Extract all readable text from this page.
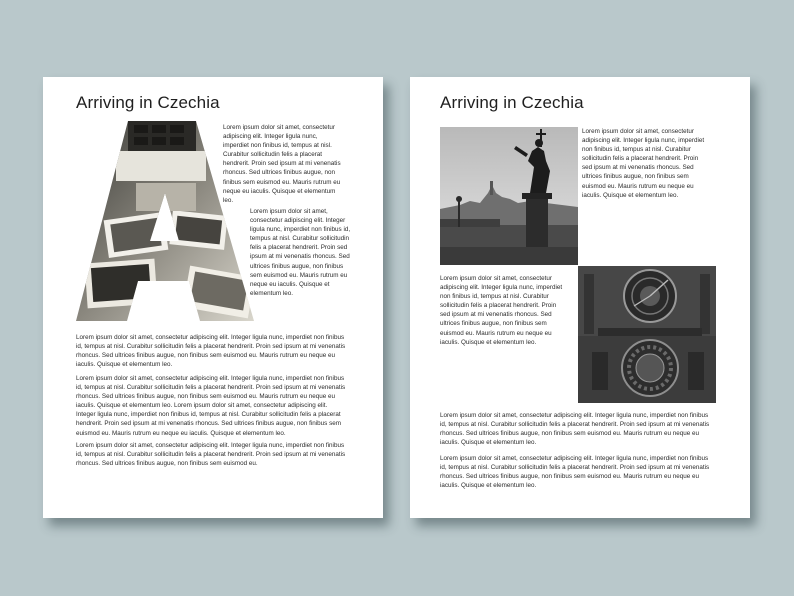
Arriving in Czechia

Lorem ipsum dolor sit amet, consectetur adipiscing elit. Integer ligula nunc, imperdiet non finibus id, tempus at nisl. Curabitur sollicitudin felis a placerat hendrerit. Proin sed ipsum at mi venenatis rhoncus. Sed ultrices finibus augue, non finibus sem euismod eu. Mauris rutrum eu neque eu iaculis. Quisque et elementum leo.

Lorem ipsum dolor sit amet, consectetur adipiscing elit. Integer ligula nunc, imperdiet non finibus id, tempus at nisl. Curabitur sollicitudin felis a placerat hendrerit. Proin sed ipsum at mi venenatis rhoncus. Sed ultrices finibus augue, non finibus sem euismod eu. Mauris rutrum eu neque eu iaculis. Quisque et elementum leo.

Lorem ipsum dolor sit amet, consectetur adipiscing elit. Integer ligula nunc, imperdiet non finibus id, tempus at nisl. Curabitur sollicitudin felis a placerat hendrerit. Proin sed ipsum at mi venenatis rhoncus. Sed ultrices finibus augue, non finibus sem euismod eu. Mauris rutrum eu neque eu iaculis. Quisque et elementum leo.

Lorem ipsum dolor sit amet, consectetur adipiscing elit. Integer ligula nunc, imperdiet non finibus id, tempus at nisl. Curabitur sollicitudin felis a placerat hendrerit. Proin sed ipsum at mi venenatis rhoncus. Sed ultrices finibus augue, non finibus sem euismod eu. Mauris rutrum eu neque eu iaculis. Quisque et elementum leo. Lorem ipsum dolor sit amet, consectetur adipiscing elit. Integer ligula nunc, imperdiet non finibus id, tempus at nisl. Curabitur sollicitudin felis a placerat hendrerit. Proin sed ipsum at mi venenatis rhoncus. Sed ultrices finibus augue, non finibus sem euismod eu. Mauris rutrum eu neque eu iaculis. Quisque et elementum leo.

Lorem ipsum dolor sit amet, consectetur adipiscing elit. Integer ligula nunc, imperdiet non finibus id, tempus at nisl. Curabitur sollicitudin felis a placerat hendrerit. Proin sed ipsum at mi venenatis rhoncus. Sed ultrices finibus augue, non finibus sem euismod eu.

Arriving in Czechia

Lorem ipsum dolor sit amet, consectetur adipiscing elit. Integer ligula nunc, imperdiet non finibus id, tempus at nisl. Curabitur sollicitudin felis a placerat hendrerit. Proin sed ipsum at mi venenatis rhoncus. Sed ultrices finibus augue, non finibus sem euismod eu. Mauris rutrum eu neque eu iaculis. Quisque et elementum leo.

Lorem ipsum dolor sit amet, consectetur adipiscing elit. Integer ligula nunc, imperdiet non finibus id, tempus at nisl. Curabitur sollicitudin felis a placerat hendrerit. Proin sed ipsum at mi venenatis rhoncus. Sed ultrices finibus augue, non finibus sem euismod eu. Mauris rutrum eu neque eu iaculis. Quisque et elementum leo.

Lorem ipsum dolor sit amet, consectetur adipiscing elit. Integer ligula nunc, imperdiet non finibus id, tempus at nisl. Curabitur sollicitudin felis a placerat hendrerit. Proin sed ipsum at mi venenatis rhoncus. Sed ultrices finibus augue, non finibus sem euismod eu. Mauris rutrum eu neque eu iaculis. Quisque et elementum leo.

Lorem ipsum dolor sit amet, consectetur adipiscing elit. Integer ligula nunc, imperdiet non finibus id, tempus at nisl. Curabitur sollicitudin felis a placerat hendrerit. Proin sed ipsum at mi venenatis rhoncus. Sed ultrices finibus augue, non finibus sem euismod eu. Mauris rutrum eu neque eu iaculis. Quisque et elementum leo.
